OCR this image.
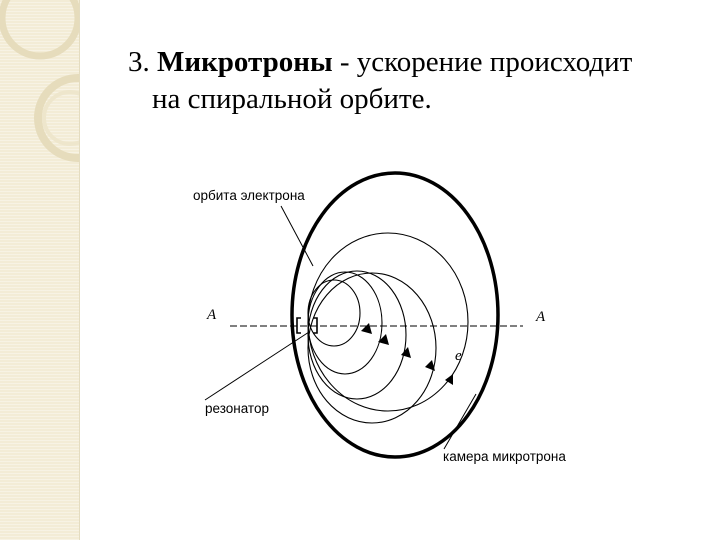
3. Микротроны - ускорение происходит
на спиральной орбите.
A	A
орбита электрона
резонатор
e
камера микротрона
